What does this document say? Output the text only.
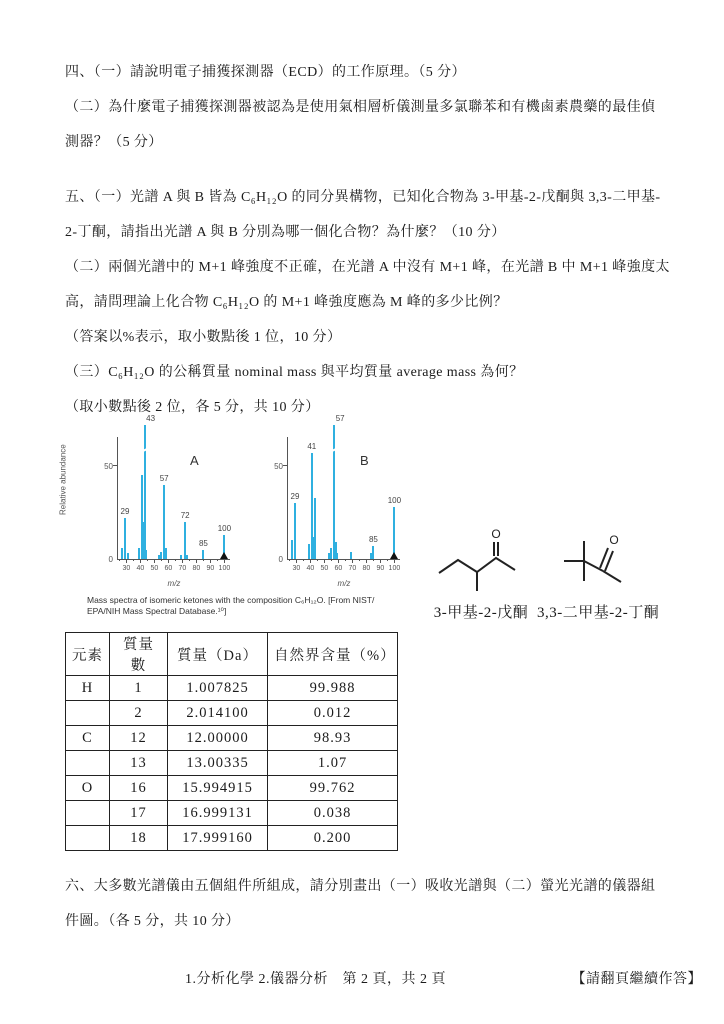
四、（一）請說明電子捕獲探測器（ECD）的工作原理。（5 分）
（二）為什麼電子捕獲探測器被認為是使用氣相層析儀測量多氯聯苯和有機鹵素農藥的最佳偵
測器？（5 分）
五、（一）光譜 A 與 B 皆為 C₆H₁₂O 的同分異構物，已知化合物為 3-甲基-2-戊酮與 3,3-二甲基-
2-丁酮，請指出光譜 A 與 B 分別為哪一個化合物？為什麼？（10 分）
（二）兩個光譜中的 M+1 峰強度不正確，在光譜 A 中沒有 M+1 峰，在光譜 B 中 M+1 峰強度太
高，請問理論上化合物 C₆H₁₂O 的 M+1 峰強度應為 M 峰的多少比例？
（答案以%表示，取小數點後 1 位，10 分）
（三）C₆H₁₂O 的公稱質量 nominal mass 與平均質量 average mass 為何？
（取小數點後 2 位，各 5 分，共 10 分）
Relative abundance
30 40 50 60 70 80 90 100
0
50
29
43
57
72
85
100
A
m/z
30 40 50 60 70 80 90 100
0
50
29
41
57
85
100
B
m/z
Mass spectra of isomeric ketones with the composition C₆H₁₂O. [From NIST/
EPA/NIH Mass Spectral Database.¹⁰]
O
3-甲基-2-戊酮
O
3,3-二甲基-2-丁酮
元素	質量數	質量（Da）	自然界含量（%）
H	1	1.007825	99.988
	2	2.014100	0.012
C	12	12.00000	98.93
	13	13.00335	1.07
O	16	15.994915	99.762
	17	16.999131	0.038
	18	17.999160	0.200
六、大多數光譜儀由五個組件所組成，請分別畫出（一）吸收光譜與（二）螢光光譜的儀器組
件圖。（各 5 分，共 10 分）
1.分析化學 2.儀器分析　第 2 頁，共 2 頁	【請翻頁繼續作答】
